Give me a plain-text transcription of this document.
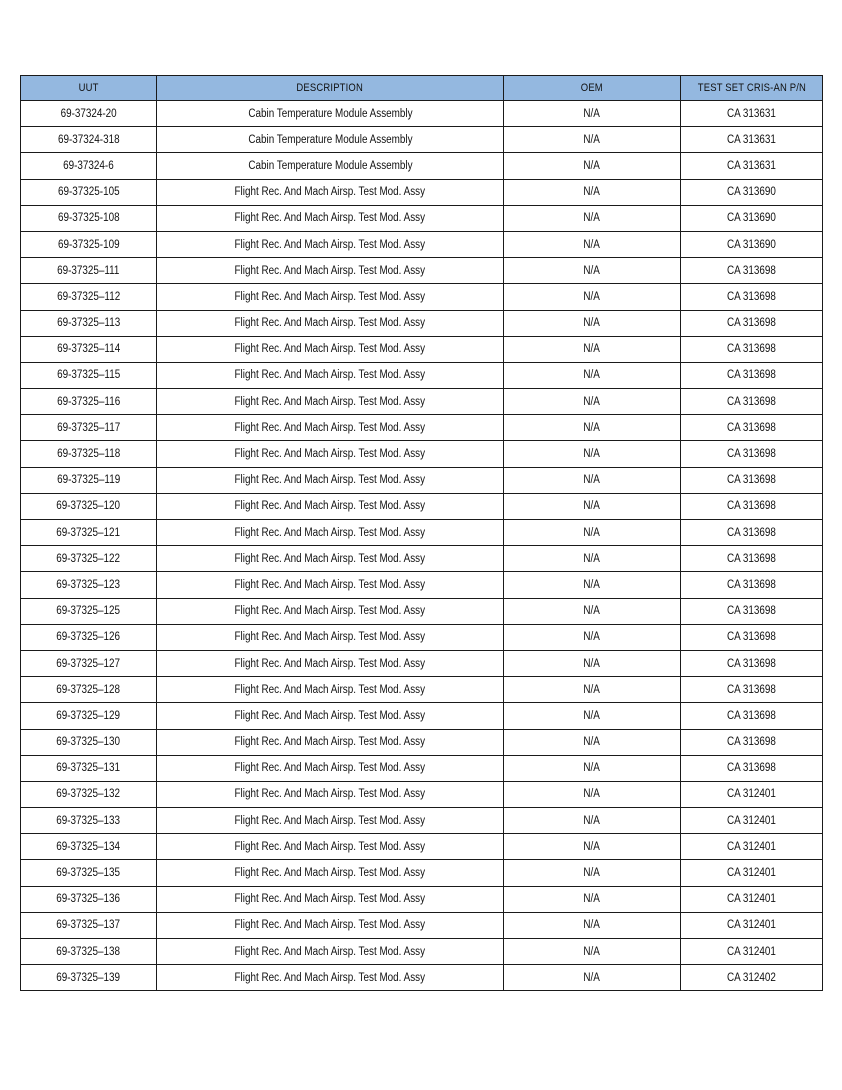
UUT	DESCRIPTION	OEM	TEST SET CRIS-AN P/N
69-37324-20	Cabin Temperature Module Assembly	N/A	CA 313631
69-37324-318	Cabin Temperature Module Assembly	N/A	CA 313631
69-37324-6	Cabin Temperature Module Assembly	N/A	CA 313631
69-37325-105	Flight Rec. And Mach Airsp. Test Mod. Assy	N/A	CA 313690
69-37325-108	Flight Rec. And Mach Airsp. Test Mod. Assy	N/A	CA 313690
69-37325-109	Flight Rec. And Mach Airsp. Test Mod. Assy	N/A	CA 313690
69-37325–111	Flight Rec. And Mach Airsp. Test Mod. Assy	N/A	CA 313698
69-37325–112	Flight Rec. And Mach Airsp. Test Mod. Assy	N/A	CA 313698
69-37325–113	Flight Rec. And Mach Airsp. Test Mod. Assy	N/A	CA 313698
69-37325–114	Flight Rec. And Mach Airsp. Test Mod. Assy	N/A	CA 313698
69-37325–115	Flight Rec. And Mach Airsp. Test Mod. Assy	N/A	CA 313698
69-37325–116	Flight Rec. And Mach Airsp. Test Mod. Assy	N/A	CA 313698
69-37325–117	Flight Rec. And Mach Airsp. Test Mod. Assy	N/A	CA 313698
69-37325–118	Flight Rec. And Mach Airsp. Test Mod. Assy	N/A	CA 313698
69-37325–119	Flight Rec. And Mach Airsp. Test Mod. Assy	N/A	CA 313698
69-37325–120	Flight Rec. And Mach Airsp. Test Mod. Assy	N/A	CA 313698
69-37325–121	Flight Rec. And Mach Airsp. Test Mod. Assy	N/A	CA 313698
69-37325–122	Flight Rec. And Mach Airsp. Test Mod. Assy	N/A	CA 313698
69-37325–123	Flight Rec. And Mach Airsp. Test Mod. Assy	N/A	CA 313698
69-37325–125	Flight Rec. And Mach Airsp. Test Mod. Assy	N/A	CA 313698
69-37325–126	Flight Rec. And Mach Airsp. Test Mod. Assy	N/A	CA 313698
69-37325–127	Flight Rec. And Mach Airsp. Test Mod. Assy	N/A	CA 313698
69-37325–128	Flight Rec. And Mach Airsp. Test Mod. Assy	N/A	CA 313698
69-37325–129	Flight Rec. And Mach Airsp. Test Mod. Assy	N/A	CA 313698
69-37325–130	Flight Rec. And Mach Airsp. Test Mod. Assy	N/A	CA 313698
69-37325–131	Flight Rec. And Mach Airsp. Test Mod. Assy	N/A	CA 313698
69-37325–132	Flight Rec. And Mach Airsp. Test Mod. Assy	N/A	CA 312401
69-37325–133	Flight Rec. And Mach Airsp. Test Mod. Assy	N/A	CA 312401
69-37325–134	Flight Rec. And Mach Airsp. Test Mod. Assy	N/A	CA 312401
69-37325–135	Flight Rec. And Mach Airsp. Test Mod. Assy	N/A	CA 312401
69-37325–136	Flight Rec. And Mach Airsp. Test Mod. Assy	N/A	CA 312401
69-37325–137	Flight Rec. And Mach Airsp. Test Mod. Assy	N/A	CA 312401
69-37325–138	Flight Rec. And Mach Airsp. Test Mod. Assy	N/A	CA 312401
69-37325–139	Flight Rec. And Mach Airsp. Test Mod. Assy	N/A	CA 312402
